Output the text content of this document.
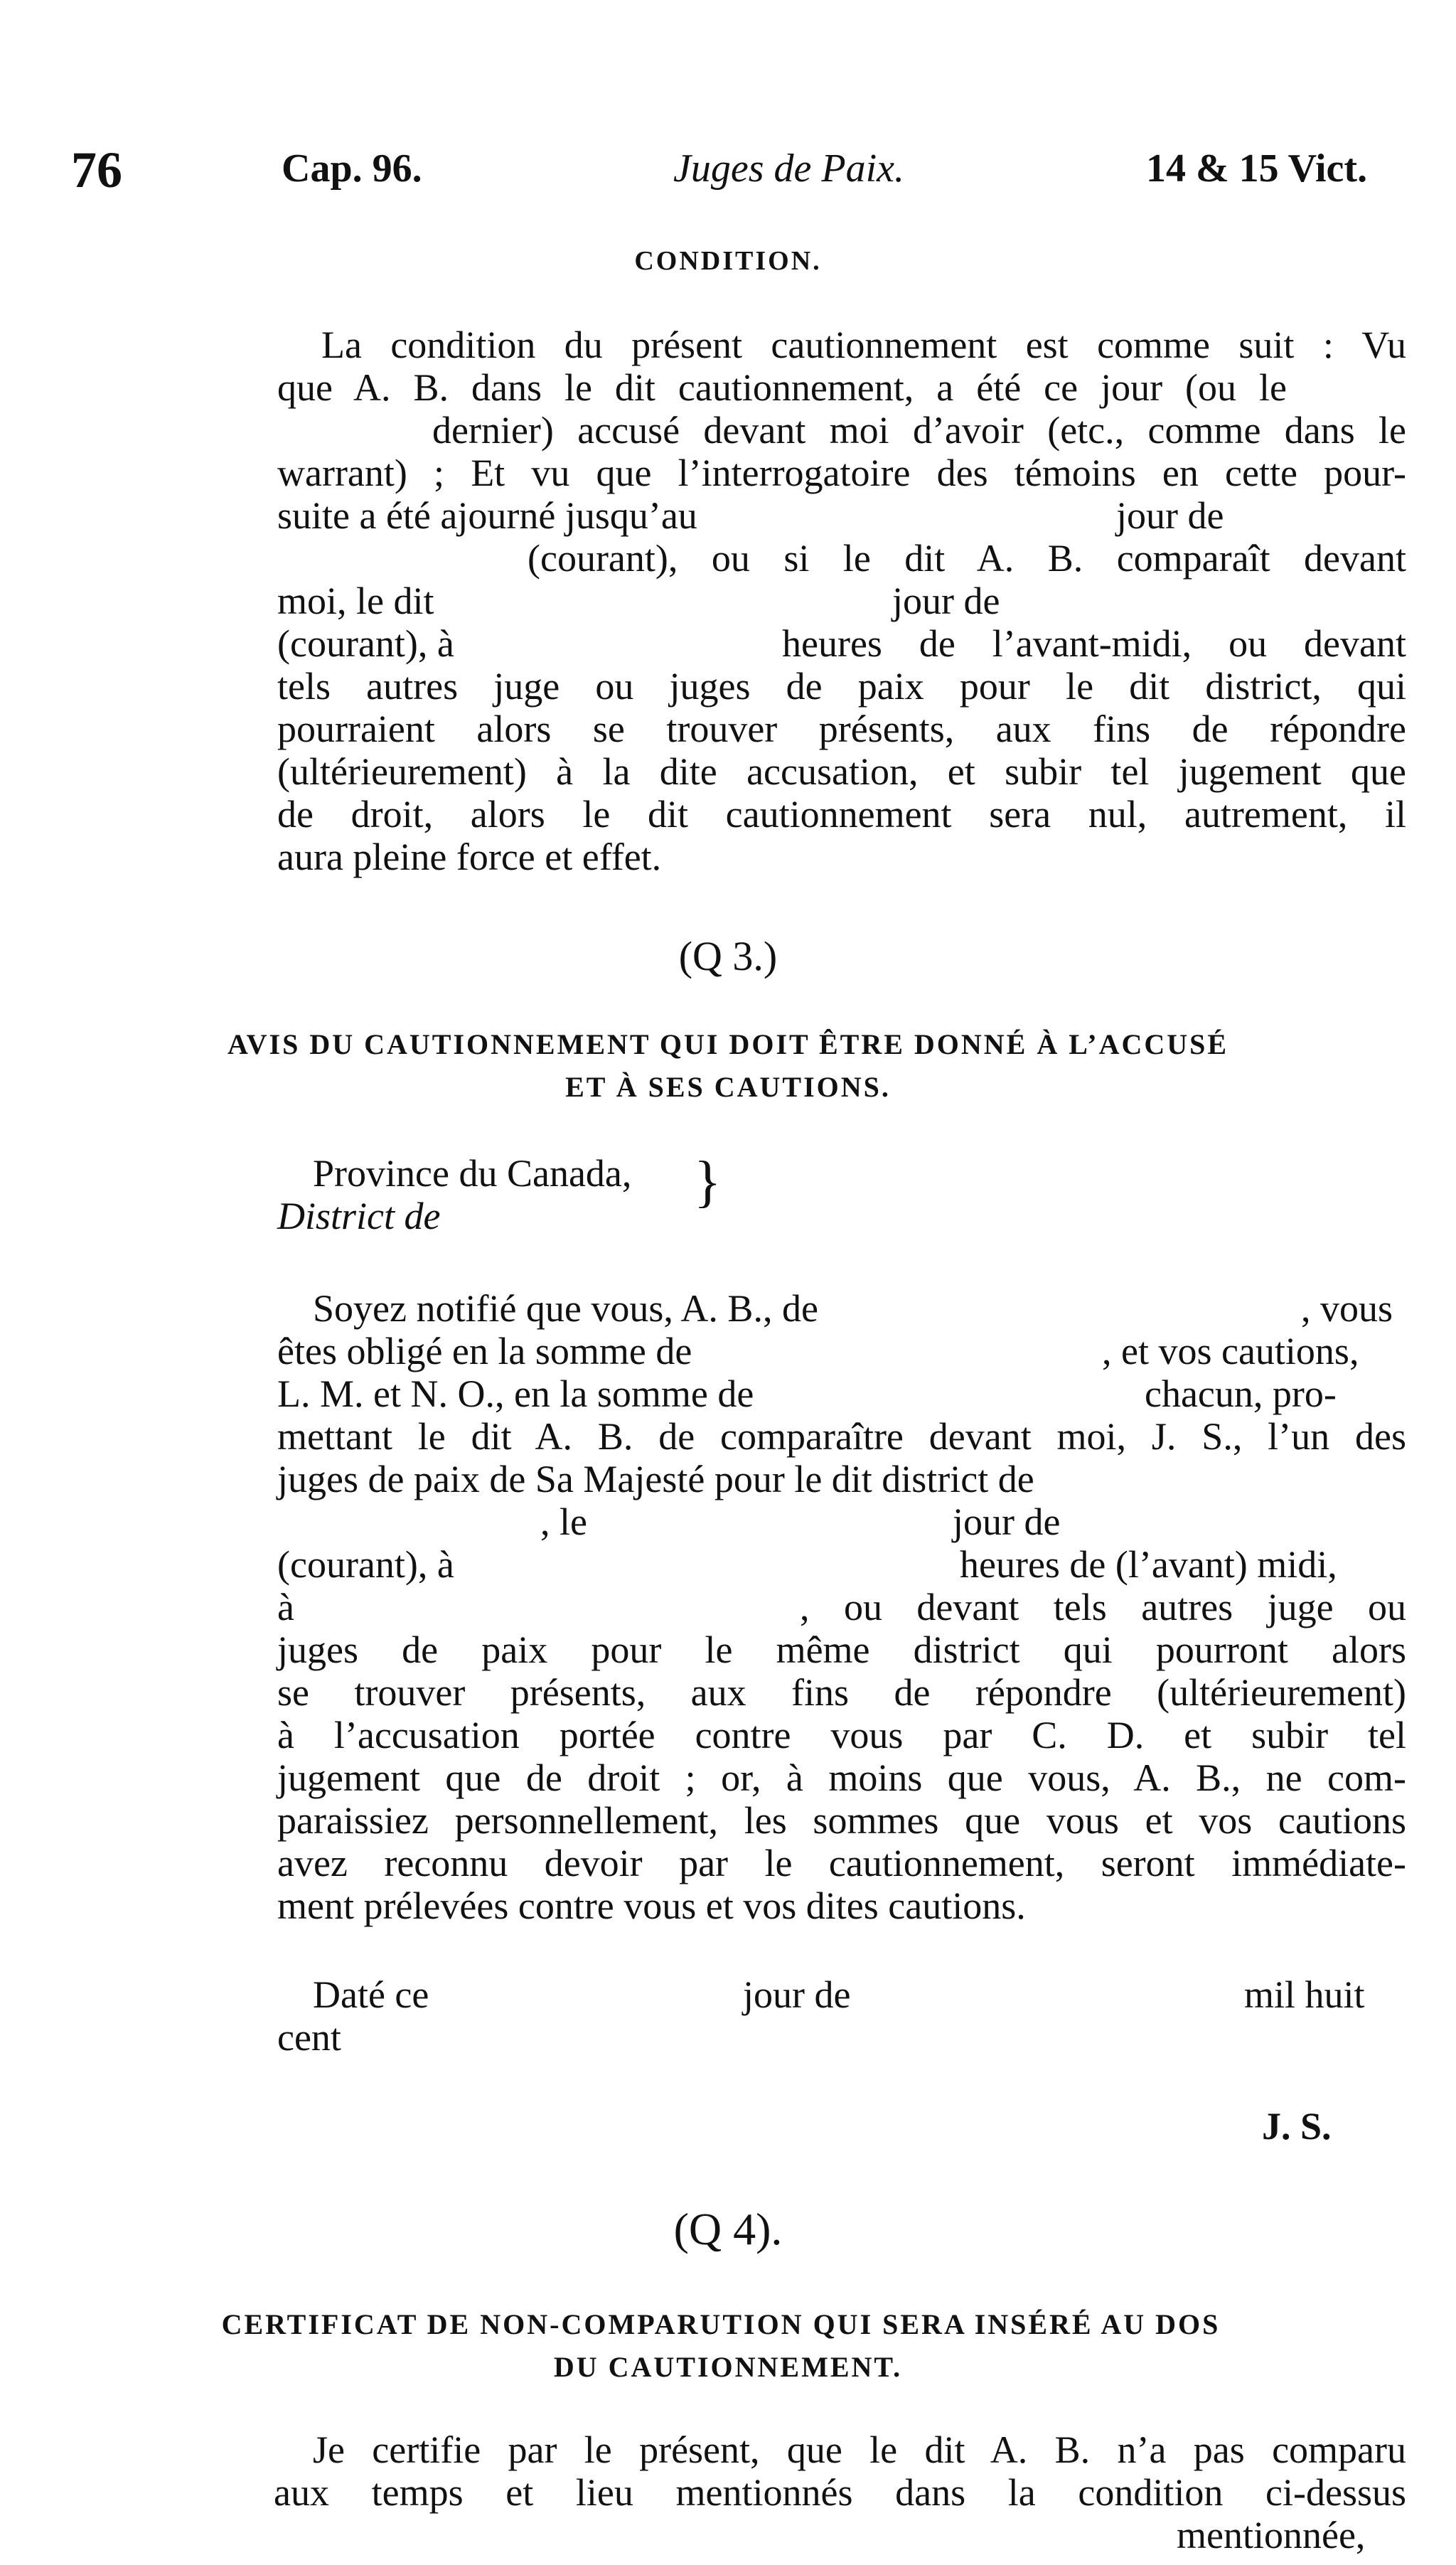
76	Cap. 96.	Juges de Paix.	14 & 15 Vict.
CONDITION.
La condition du présent cautionnement est comme suit : Vu
que A. B. dans le dit cautionnement, a été ce jour (ou le
dernier) accusé devant moi d’avoir (etc., comme dans le
warrant) ; Et vu que l’interrogatoire des témoins en cette pour-
suite a été ajourné jusqu’au	jour de
(courant), ou si le dit A. B. comparaît devant
moi, le dit	jour de
(courant), à	heures de l’avant-midi, ou devant
tels autres juge ou juges de paix pour le dit district, qui
pourraient alors se trouver présents, aux fins de répondre
(ultérieurement) à la dite accusation, et subir tel jugement que
de droit, alors le dit cautionnement sera nul, autrement, il
aura pleine force et effet.
(Q 3.)
AVIS DU CAUTIONNEMENT QUI DOIT ÊTRE DONNÉ À L’ACCUSÉ
ET À SES CAUTIONS.
Province du Canada,
District de
}
Soyez notifié que vous, A. B., de	, vous
êtes obligé en la somme de	, et vos cautions,
L. M. et N. O., en la somme de	chacun, pro-
mettant le dit A. B. de comparaître devant moi, J. S., l’un des
juges de paix de Sa Majesté pour le dit district de
, le	jour de
(courant), à	heures de (l’avant) midi,
à	, ou devant tels autres juge ou
juges de paix pour le même district qui pourront alors
se trouver présents, aux fins de répondre (ultérieurement)
à l’accusation portée contre vous par C. D. et subir tel
jugement que de droit ; or, à moins que vous, A. B., ne com-
paraissiez personnellement, les sommes que vous et vos cautions
avez reconnu devoir par le cautionnement, seront immédiate-
ment prélevées contre vous et vos dites cautions.
Daté ce	jour de	mil huit
cent
J. S.
(Q 4).
CERTIFICAT DE NON-COMPARUTION QUI SERA INSÉRÉ AU DOS
DU CAUTIONNEMENT.
Je certifie par le présent, que le dit A. B. n’a pas comparu
aux temps et lieu mentionnés dans la condition ci-dessus
mentionnée,
